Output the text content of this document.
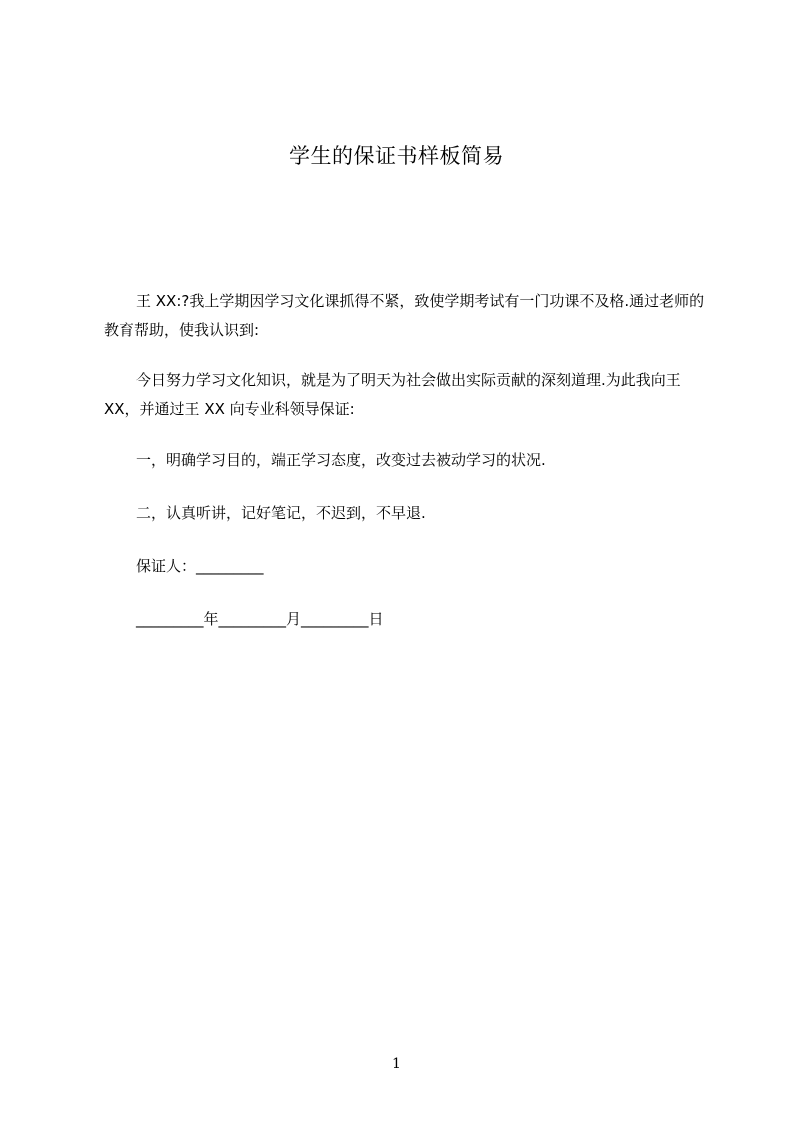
学生的保证书样板简易

王 XX:?我上学期因学习文化课抓得不紧，致使学期考试有一门功课不及格.通过老师的教育帮助，使我认识到:

今日努力学习文化知识，就是为了明天为社会做出实际贡献的深刻道理.为此我向王 XX，并通过王 XX 向专业科领导保证:

一，明确学习目的，端正学习态度，改变过去被动学习的状况.

二，认真听讲，记好笔记，不迟到，不早退.

保证人：_________

_________年_________月_________日

1
